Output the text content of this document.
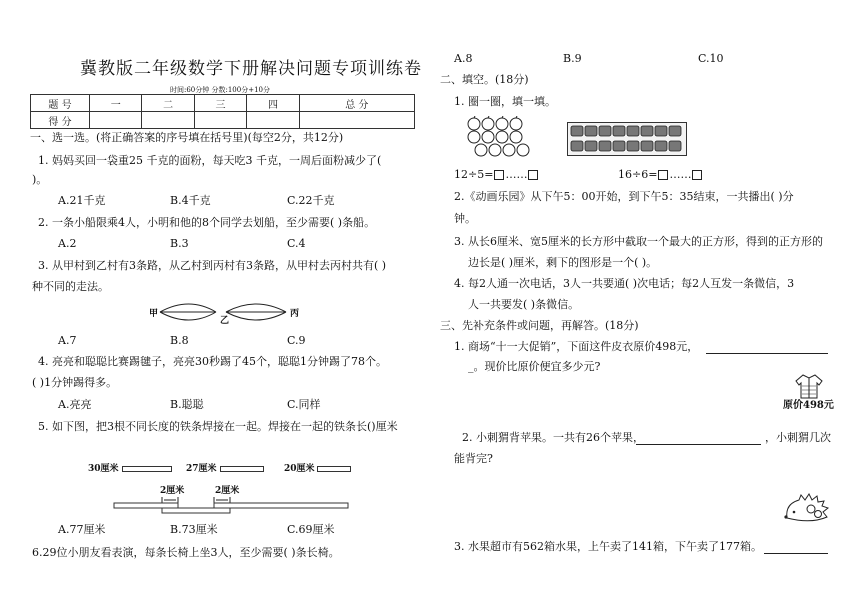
冀教版二年级数学下册解决问题专项训练卷
时间:60分钟 分数:100分+10分
题 号	一	二	三	四	总 分
得 分					
一、选一选。(将正确答案的序号填在括号里)(每空2分，共12分)
1. 妈妈买回一袋重25 千克的面粉，每天吃3 千克，一周后面粉减少了(
)。
A.21千克	B.4千克	C.22千克
2. 一条小船限乘4人，小明和他的8个同学去划船，至少需要( )条船。
A.2	B.3	C.4
3. 从甲村到乙村有3条路，从乙村到丙村有3条路，从甲村去丙村共有( )
种不同的走法。
甲
乙
丙
A.7	B.8	C.9
4. 亮亮和聪聪比赛踢毽子，亮亮30秒踢了45个，聪聪1分钟踢了78个。
( )1分钟踢得多。
A.亮亮	B.聪聪	C.同样
5. 如下图，把3根不同长度的铁条焊接在一起。焊接在一起的铁条长()厘米
30厘米	27厘米	20厘米
2厘米	2厘米
A.77厘米	B.73厘米	C.69厘米
6.29位小朋友看表演，每条长椅上坐3人，至少需要( )条长椅。
A.8	B.9	C.10
二、填空。(18分)
1. 圈一圈，填一填。
12÷5= ……	16÷6= ……
2.《动画乐园》从下午5：00开始，到下午5：35结束，一共播出( )分
钟。
3. 从长6厘米、宽5厘米的长方形中截取一个最大的正方形，得到的正方形的
边长是( )厘米，剩下的图形是一个( )。
4. 每2人通一次电话，3人一共要通( )次电话；每2人互发一条微信，3
人一共要发( )条微信。
三、先补充条件或问题，再解答。(18分)
1. 商场“十一大促销”，下面这件皮衣原价498元，
_。现价比原价便宜多少元?
原价498元
2. 小刺猬背苹果。一共有26个苹果，	，小刺猬几次
能背完?
3. 水果超市有562箱水果，上午卖了141箱，下午卖了177箱。
